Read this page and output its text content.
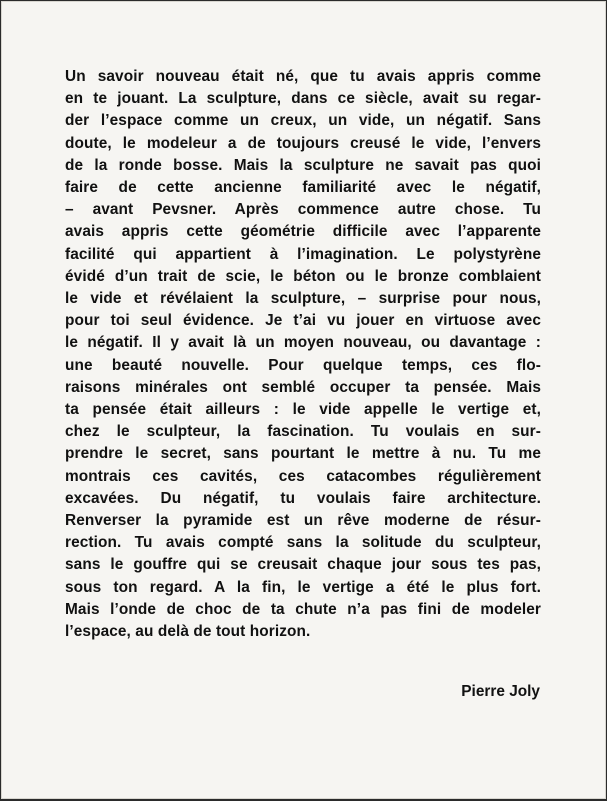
Un savoir nouveau était né, que tu avais appris comme
en te jouant. La sculpture, dans ce siècle, avait su regar-
der l’espace comme un creux, un vide, un négatif. Sans
doute, le modeleur a de toujours creusé le vide, l’envers
de la ronde bosse. Mais la sculpture ne savait pas quoi
faire de cette ancienne familiarité avec le négatif,
– avant Pevsner. Après commence autre chose. Tu
avais appris cette géométrie difficile avec l’apparente
facilité qui appartient à l’imagination. Le polystyrène
évidé d’un trait de scie, le béton ou le bronze comblaient
le vide et révélaient la sculpture, – surprise pour nous,
pour toi seul évidence. Je t’ai vu jouer en virtuose avec
le négatif. Il y avait là un moyen nouveau, ou davantage :
une beauté nouvelle. Pour quelque temps, ces flo-
raisons minérales ont semblé occuper ta pensée. Mais
ta pensée était ailleurs : le vide appelle le vertige et,
chez le sculpteur, la fascination. Tu voulais en sur-
prendre le secret, sans pourtant le mettre à nu. Tu me
montrais ces cavités, ces catacombes régulièrement
excavées. Du négatif, tu voulais faire architecture.
Renverser la pyramide est un rêve moderne de résur-
rection. Tu avais compté sans la solitude du sculpteur,
sans le gouffre qui se creusait chaque jour sous tes pas,
sous ton regard. A la fin, le vertige a été le plus fort.
Mais l’onde de choc de ta chute n’a pas fini de modeler
l’espace, au delà de tout horizon.
Pierre Joly
